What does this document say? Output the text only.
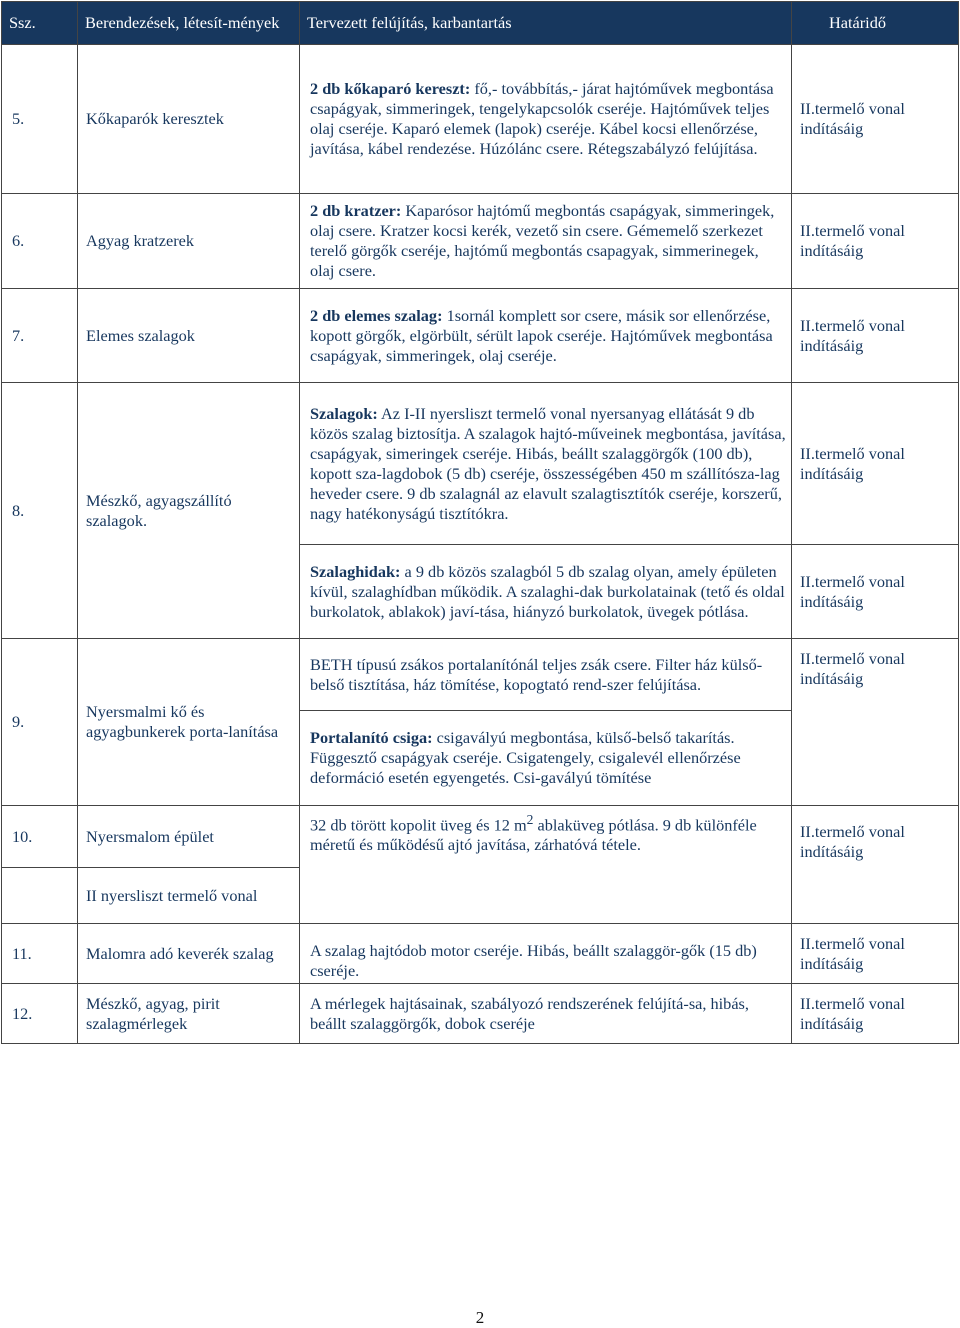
Ssz.	Berendezések, létesít-mények	Tervezett felújítás, karbantartás	Határidő
5.	Kőkaparók keresztek	2 db kőkaparó kereszt: fő,- továbbítás,- járat hajtóművek megbontása csapágyak, simmeringek, tengelykapcsolók cseréje. Hajtóművek teljes olaj cseréje. Kaparó elemek (lapok) cseréje. Kábel kocsi ellenőrzése, javítása, kábel rendezése. Húzólánc csere. Rétegszabályzó felújítása.	II.termelő vonal indításáig
6.	Agyag kratzerek	2 db kratzer: Kaparósor hajtómű megbontás csapágyak, simmeringek, olaj csere. Kratzer kocsi kerék, vezető sin csere. Gémemelő szerkezet terelő görgők cseréje, hajtómű megbontás csapagyak, simmerinegek, olaj csere.	II.termelő vonal indításáig
7.	Elemes szalagok	2 db elemes szalag: 1sornál komplett sor csere, másik sor ellenőrzése, kopott görgők, elgörbült, sérült lapok cseréje. Hajtóművek megbontása csapágyak, simmeringek, olaj cseréje.	II.termelő vonal indításáig
8.	Mészkő, agyagszállító szalagok.	Szalagok: Az I-II nyersliszt termelő vonal nyersanyag ellátását 9 db közös szalag biztosítja. A szalagok hajtó-műveinek megbontása, javítása, csapágyak, simeringek cseréje. Hibás, beállt szalaggörgők (100 db), kopott sza-lagdobok (5 db) cseréje, összességében 450 m szállítósza-lag heveder csere. 9 db szalagnál az elavult szalagtisztítók cseréje, korszerű, nagy hatékonyságú tisztítókra.	II.termelő vonal indításáig
		Szalaghidak: a 9 db közös szalagból 5 db szalag olyan, amely épületen kívül, szalaghídban működik. A szalaghi-dak burkolatainak (tető és oldal burkolatok, ablakok) javí-tása, hiányzó burkolatok, üvegek pótlása.	II.termelő vonal indításáig
9.	Nyersmalmi kő és agyagbunkerek porta-lanítása	BETH típusú zsákos portalanítónál teljes zsák csere. Filter ház külső-belső tisztítása, ház tömítése, kopogtató rend-szer felújítása.	II.termelő vonal indításáig
		Portalanító csiga: csigavályú megbontása, külső-belső takarítás. Függesztő csapágyak cseréje. Csigatengely, csigalevél ellenőrzése deformáció esetén egyengetés. Csi-gavályú tömítése	
10.	Nyersmalom épület	32 db törött kopolit üveg és 12 $m^2$ ablaküveg pótlása. 9 db különféle méretű és működésű ajtó javítása, zárhatóvá tétele.	II.termelő vonal indításáig
	II nyersliszt termelő vonal		
11.	Malomra adó keverék szalag	A szalag hajtódob motor cseréje. Hibás, beállt szalaggör-gők (15 db) cseréje.	II.termelő vonal indításáig
12.	Mészkő, agyag, pirit szalagmérlegek	A mérlegek hajtásainak, szabályozó rendszerének felújítá-sa, hibás, beállt szalaggörgők, dobok cseréje	II.termelő vonal indításáig
2
